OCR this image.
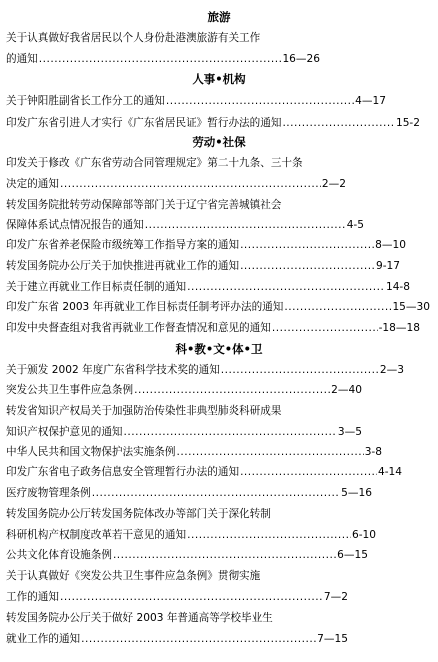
旅游
关于认真做好我省居民以个人身份赴港澳旅游有关工作
的通知 .....	16—26
人事•机构
关于钟阳胜副省长工作分工的通知 .....	4—17
印发广东省引进人才实行《广东省居民证》暂行办法的通知 .....	15-2
劳动•社保
印发关于修改《广东省劳动合同管理规定》第二十九条、三十条
决定的通知 .....	2—2
转发国务院批转劳动保障部等部门关于辽宁省完善城镇社会
保障体系试点情况报告的通知 .....	4-5
印发广东省养老保险市级统筹工作指导方案的通知 .....	8—10
转发国务院办公厅关于加快推进再就业工作的通知 .....	9-17
关于建立再就业工作目标责任制的通知 .....	14-8
印发广东省 2003 年再就业工作目标责任制考评办法的通知 .....	15—30
印发中央督查组对我省再就业工作督查情况和意见的通知 .....	-18—18
科•教•文•体•卫
关于颁发 2002 年度广东省科学技术奖的通知 .....	2—3
突发公共卫生事件应急条例 .....	2—40
转发省知识产权局关于加强防治传染性非典型肺炎科研成果
知识产权保护意见的通知 .....	3—5
中华人民共和国文物保护法实施条例 .....	3-8
印发广东省电子政务信息安全管理暂行办法的通知 .....	4-14
医疗废物管理条例 .....	5—16
转发国务院办公厅转发国务院体改办等部门关于深化转制
科研机构产权制度改革若干意见的通知 .....	6-10
公共文化体育设施条例 .....	6—15
关于认真做好《突发公共卫生事件应急条例》贯彻实施
工作的通知 .....	7—2
转发国务院办公厅关于做好 2003 年普通高等学校毕业生
就业工作的通知 .....	7—15
